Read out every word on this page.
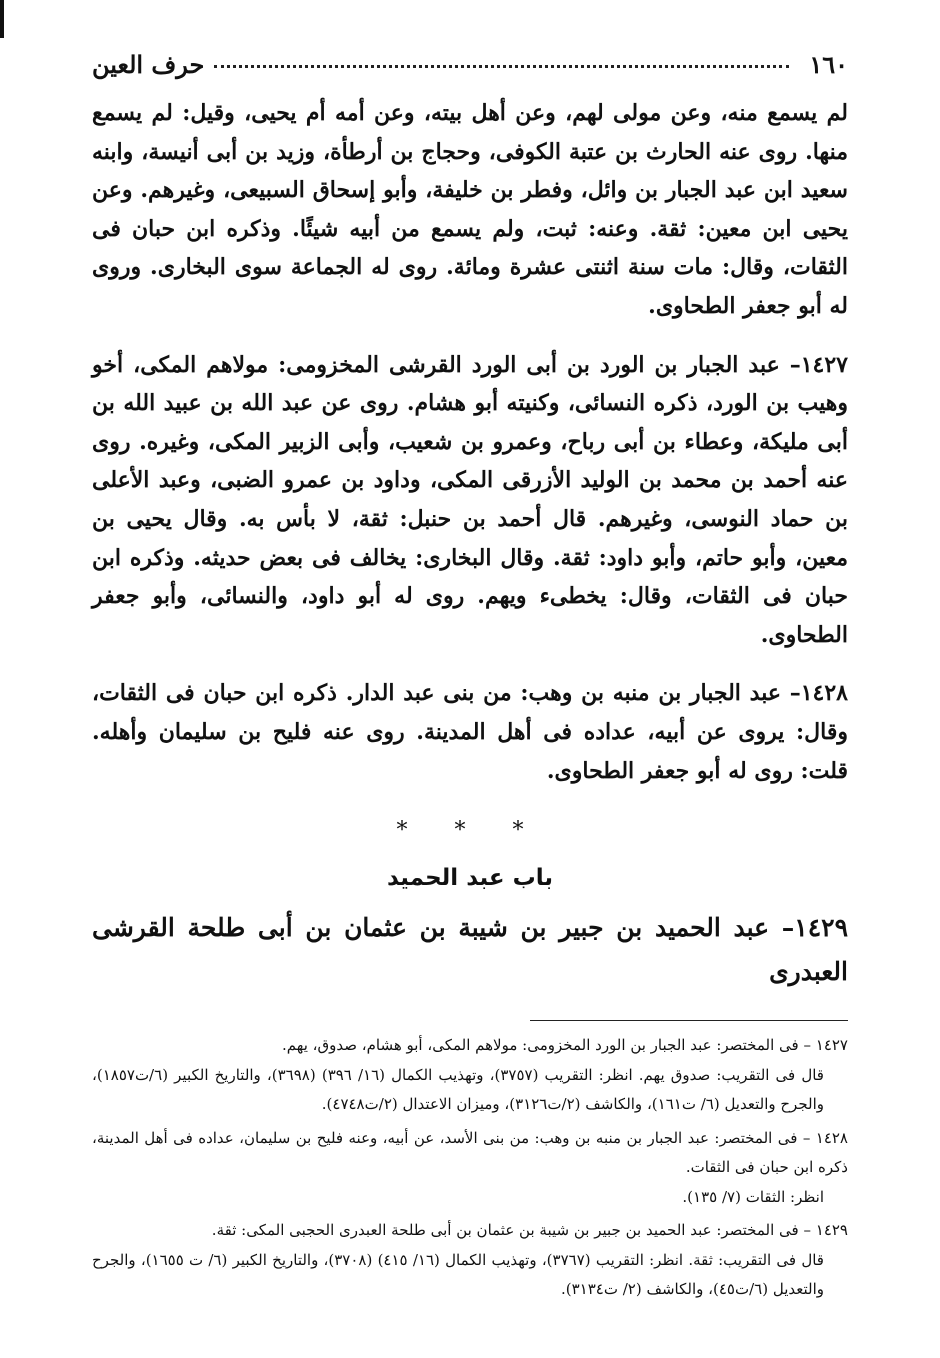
١٦٠
حرف العين

لم يسمع منه، وعن مولى لهم، وعن أهل بيته، وعن أمه أم يحيى، وقيل: لم يسمع منها. روى عنه الحارث بن عتبة الكوفى، وحجاج بن أرطأة، وزيد بن أبى أنيسة، وابنه سعيد ابن عبد الجبار بن وائل، وفطر بن خليفة، وأبو إسحاق السبيعى، وغيرهم. وعن يحيى ابن معين: ثقة. وعنه: ثبت، ولم يسمع من أبيه شيئًا. وذكره ابن حبان فى الثقات، وقال: مات سنة اثنتى عشرة ومائة. روى له الجماعة سوى البخارى. وروى له أبو جعفر الطحاوى.

١٤٢٧– عبد الجبار بن الورد بن أبى الورد القرشى المخزومى: مولاهم المكى، أخو وهيب بن الورد، ذكره النسائى، وكنيته أبو هشام. روى عن عبد الله بن عبيد الله بن أبى مليكة، وعطاء بن أبى رباح، وعمرو بن شعيب، وأبى الزبير المكى، وغيره. روى عنه أحمد بن محمد بن الوليد الأزرقى المكى، وداود بن عمرو الضبى، وعبد الأعلى بن حماد النوسى، وغيرهم. قال أحمد بن حنبل: ثقة، لا بأس به. وقال يحيى بن معين، وأبو حاتم، وأبو داود: ثقة. وقال البخارى: يخالف فى بعض حديثه. وذكره ابن حبان فى الثقات، وقال: يخطىء ويهم. روى له أبو داود، والنسائى، وأبو جعفر الطحاوى.

١٤٢٨– عبد الجبار بن منبه بن وهب: من بنى عبد الدار. ذكره ابن حبان فى الثقات، وقال: يروى عن أبيه، عداده فى أهل المدينة. روى عنه فليح بن سليمان وأهله. قلت: روى له أبو جعفر الطحاوى.

* * *
باب عبد الحميد
١٤٢٩– عبد الحميد بن جبير بن شيبة بن عثمان بن أبى طلحة القرشى العبدرى

١٤٢٧ – فى المختصر: عبد الجبار بن الورد المخزومى: مولاهم المكى، أبو هشام، صدوق، يهم.

قال فى التقريب: صدوق يهم. انظر: التقريب (٣٧٥٧)، وتهذيب الكمال (١٦/ ٣٩٦) (٣٦٩٨)، والتاريخ الكبير (٦/ت١٨٥٧)، والجرح والتعديل (٦/ ت١٦١)، والكاشف (٢/ت٣١٢٦)، وميزان الاعتدال (٢/ت٤٧٤٨).

١٤٢٨ – فى المختصر: عبد الجبار بن منبه بن وهب: من بنى الأسد، عن أبيه، وعنه فليح بن سليمان، عداده فى أهل المدينة، ذكره ابن حبان فى الثقات.

انظر: الثقات (٧/ ١٣٥).

١٤٢٩ – فى المختصر: عبد الحميد بن جبير بن شيبة بن عثمان بن أبى طلحة العبدرى الحجبى المكى: ثقة.

قال فى التقريب: ثقة. انظر: التقريب (٣٧٦٧)، وتهذيب الكمال (١٦/ ٤١٥) (٣٧٠٨)، والتاريخ الكبير (٦/ ت ١٦٥٥)، والجرح والتعديل (٦/ت٤٥)، والكاشف (٢/ ت٣١٣٤).
